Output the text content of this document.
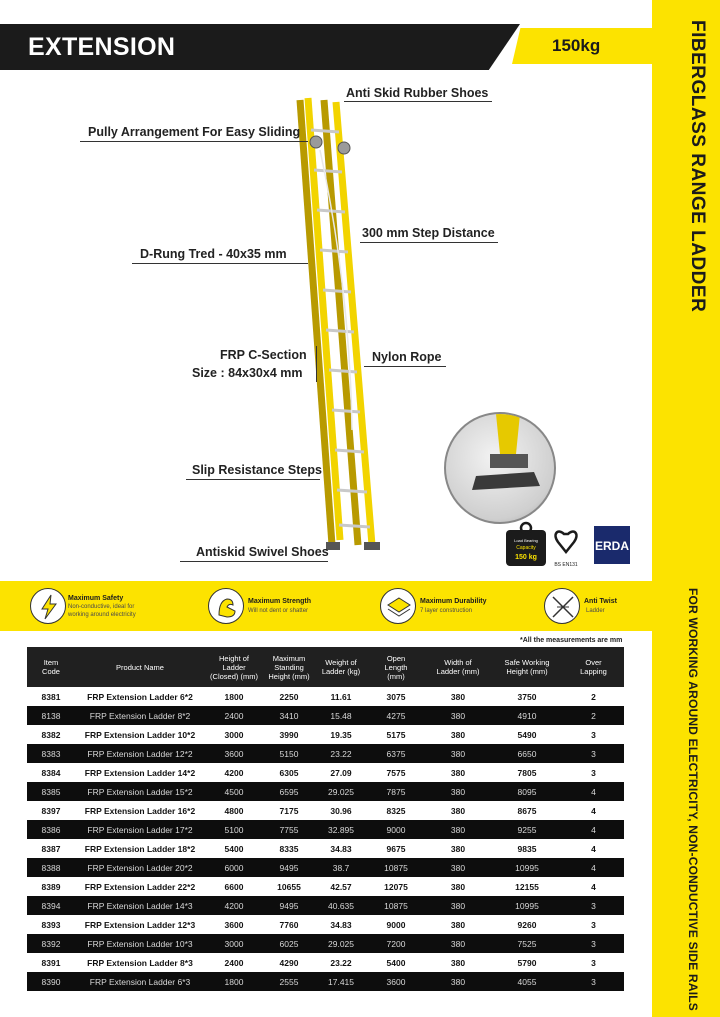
EXTENSION	150kg	FIBERGLASS RANGE LADDER
FOR WORKING AROUND ELECTRICITY, NON-CONDUCTIVE SIDE RAILS
Anti Skid Rubber Shoes
Pully Arrangement For Easy Sliding
300 mm Step Distance
D-Rung Tred - 40x35 mm
FRP C-Section
Size : 84x30x4 mm
Nylon Rope
Slip Resistance Steps
Antiskid Swivel Shoes
Load Bearing
Capacity
150 kg
BS EN131
ERDA
Maximum Safety
Non-conductive, ideal for
working around electricity
Maximum Strength
Will not dent or shatter
Maximum Durability
7 layer construction
Anti Twist
Ladder
*All the measurements are mm
Item
Code	Product Name
Height of
Ladder
(Closed) (mm)
Maximum
Standing
Height (mm)
Weight of
Ladder (kg)
Open
Length
(mm)
Width of
Ladder (mm)
Safe Working
Height (mm)
Over
Lapping
8381	FRP Extension Ladder 6*2	1800	2250	11.61	3075	380	3750	2
8138	FRP Extension Ladder 8*2	2400	3410	15.48	4275	380	4910	2
8382	FRP Extension Ladder 10*2	3000	3990	19.35	5175	380	5490	3
8383	FRP Extension Ladder 12*2	3600	5150	23.22	6375	380	6650	3
8384	FRP Extension Ladder 14*2	4200	6305	27.09	7575	380	7805	3
8385	FRP Extension Ladder 15*2	4500	6595	29.025	7875	380	8095	4
8397	FRP Extension Ladder 16*2	4800	7175	30.96	8325	380	8675	4
8386	FRP Extension Ladder 17*2	5100	7755	32.895	9000	380	9255	4
8387	FRP Extension Ladder 18*2	5400	8335	34.83	9675	380	9835	4
8388	FRP Extension Ladder 20*2	6000	9495	38.7	10875	380	10995	4
8389	FRP Extension Ladder 22*2	6600	10655	42.57	12075	380	12155	4
8394	FRP Extension Ladder 14*3	4200	9495	40.635	10875	380	10995	3
8393	FRP Extension Ladder 12*3	3600	7760	34.83	9000	380	9260	3
8392	FRP Extension Ladder 10*3	3000	6025	29.025	7200	380	7525	3
8391	FRP Extension Ladder 8*3	2400	4290	23.22	5400	380	5790	3
8390	FRP Extension Ladder 6*3	1800	2555	17.415	3600	380	4055	3
